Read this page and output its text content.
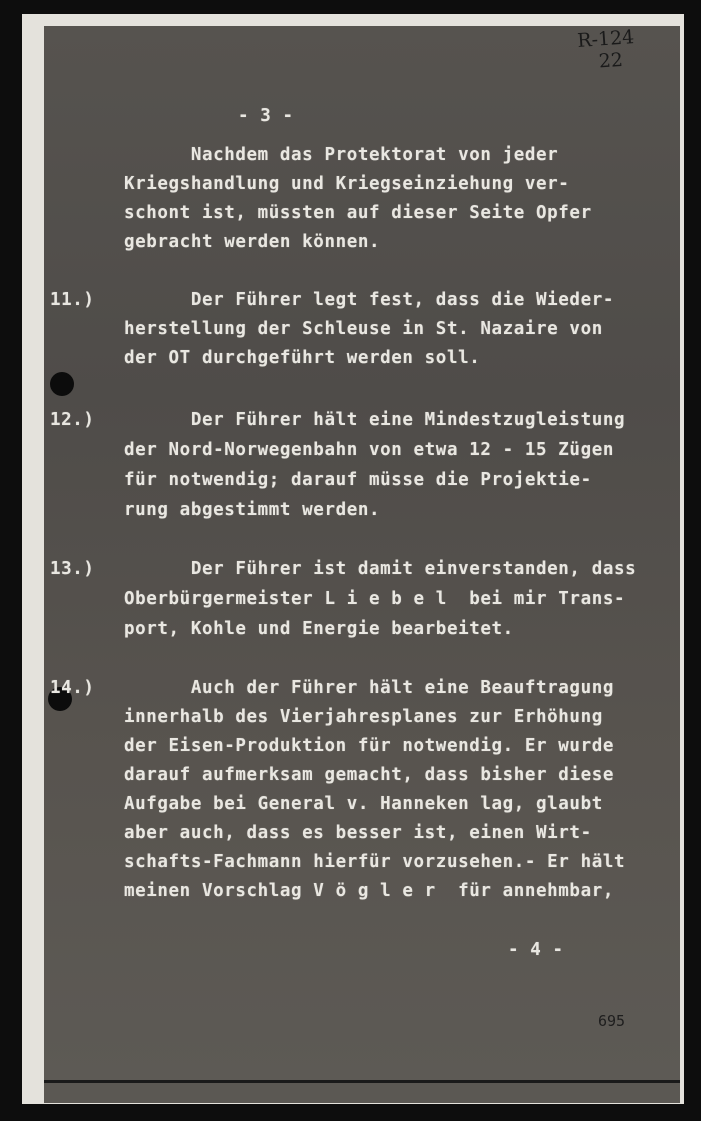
R-124
22

- 3 -

Nachdem das Protektorat von jeder

Kriegshandlung und Kriegseinziehung ver-

schont ist, müssten auf dieser Seite Opfer

gebracht werden können.

11.) Der Führer legt fest, dass die Wieder-

herstellung der Schleuse in St. Nazaire von

der OT durchgeführt werden soll.

12.) Der Führer hält eine Mindestzugleistung

der Nord-Norwegenbahn von etwa 12 - 15 Zügen

für notwendig; darauf müsse die Projektie-

rung abgestimmt werden.

13.) Der Führer ist damit einverstanden, dass

Oberbürgermeister L i e b e l  bei mir Trans-

port, Kohle und Energie bearbeitet.

14.) Auch der Führer hält eine Beauftragung

innerhalb des Vierjahresplanes zur Erhöhung

der Eisen-Produktion für notwendig. Er wurde

darauf aufmerksam gemacht, dass bisher diese

Aufgabe bei General v. Hanneken lag, glaubt

aber auch, dass es besser ist, einen Wirt-

schafts-Fachmann hierfür vorzusehen.- Er hält

meinen Vorschlag V ö g l e r  für annehmbar,

- 4 -

695
